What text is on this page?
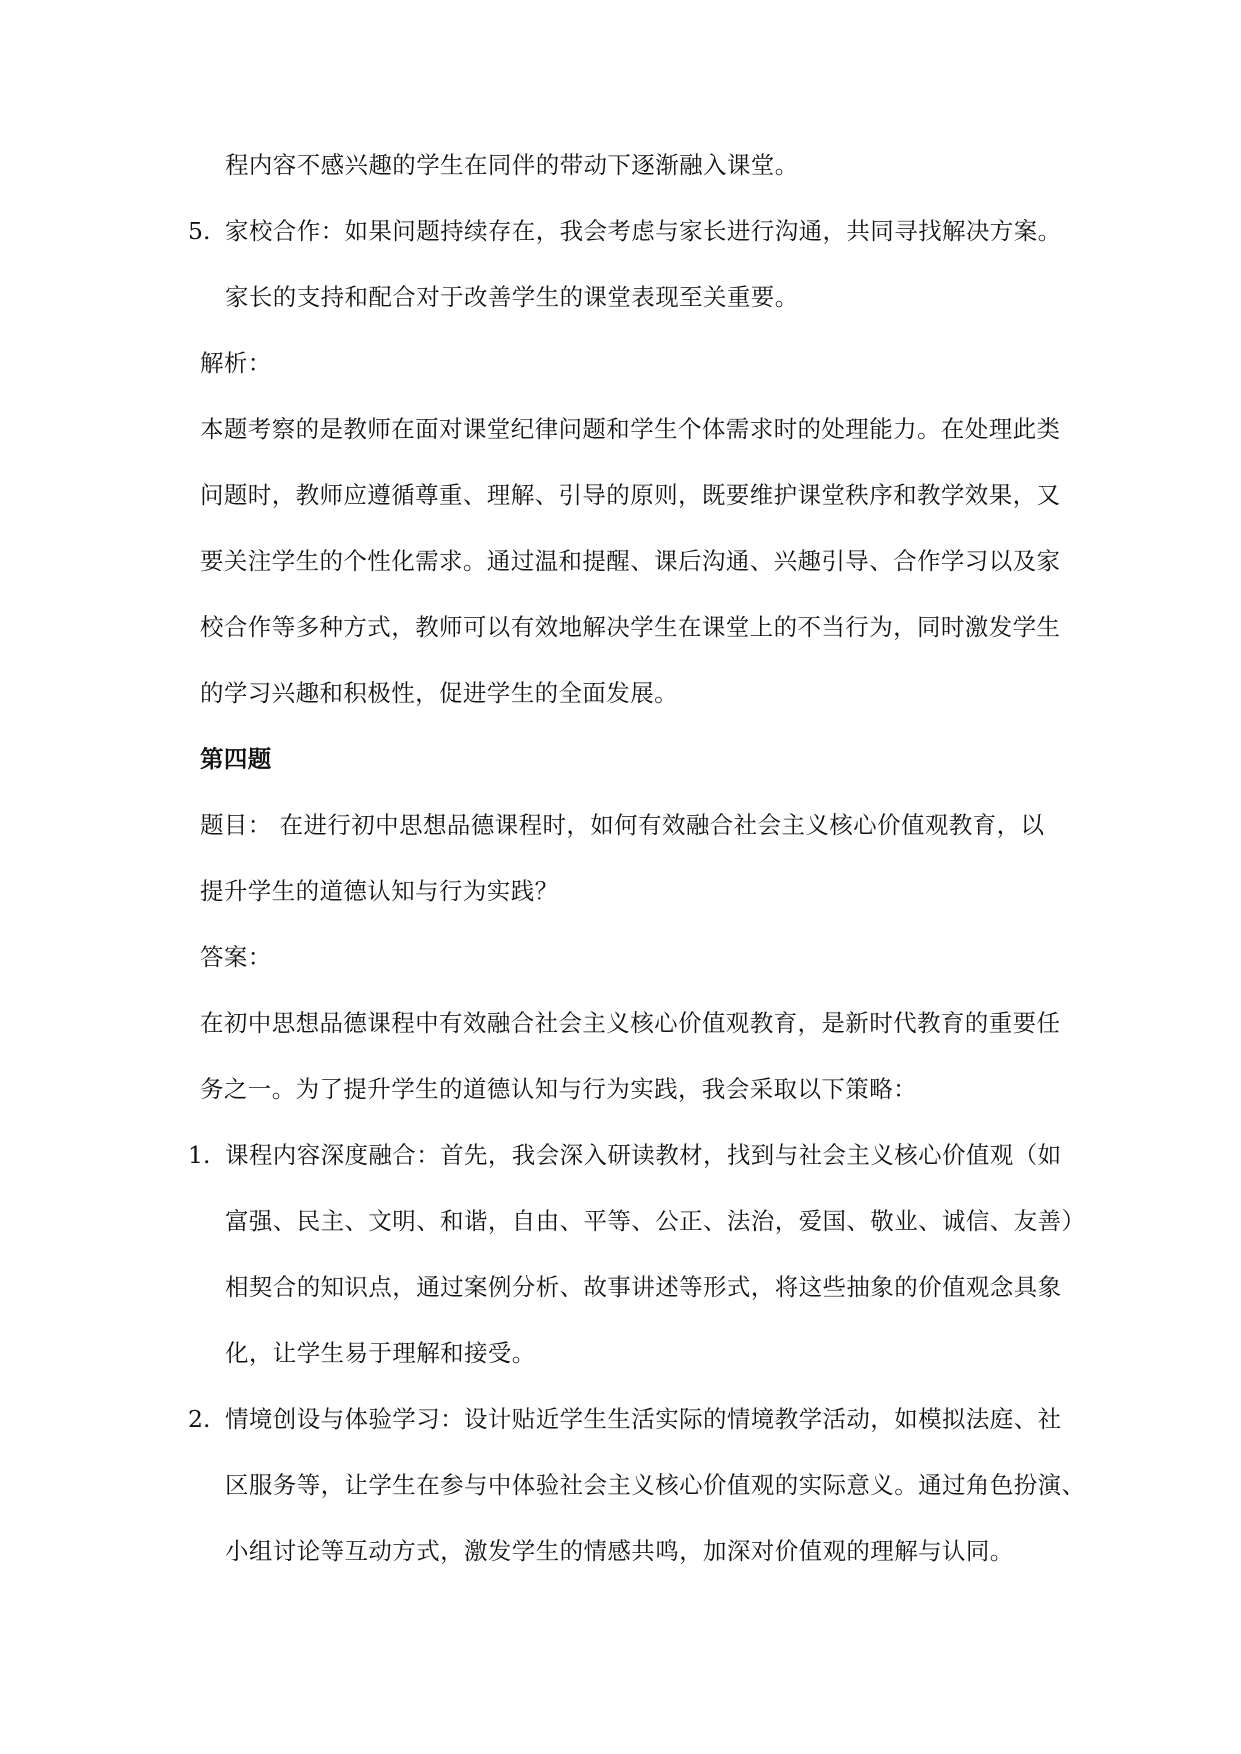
程内容不感兴趣的学生在同伴的带动下逐渐融入课堂。
5. 家校合作：如果问题持续存在，我会考虑与家长进行沟通，共同寻找解决方案。
家长的支持和配合对于改善学生的课堂表现至关重要。
解析：
本题考察的是教师在面对课堂纪律问题和学生个体需求时的处理能力。在处理此类
问题时，教师应遵循尊重、理解、引导的原则，既要维护课堂秩序和教学效果，又
要关注学生的个性化需求。通过温和提醒、课后沟通、兴趣引导、合作学习以及家
校合作等多种方式，教师可以有效地解决学生在课堂上的不当行为，同时激发学生
的学习兴趣和积极性，促进学生的全面发展。
第四题
题目： 在进行初中思想品德课程时，如何有效融合社会主义核心价值观教育，以
提升学生的道德认知与行为实践？
答案：
在初中思想品德课程中有效融合社会主义核心价值观教育，是新时代教育的重要任
务之一。为了提升学生的道德认知与行为实践，我会采取以下策略：
1. 课程内容深度融合：首先，我会深入研读教材，找到与社会主义核心价值观（如
富强、民主、文明、和谐，自由、平等、公正、法治，爱国、敬业、诚信、友善）
相契合的知识点，通过案例分析、故事讲述等形式，将这些抽象的价值观念具象
化，让学生易于理解和接受。
2. 情境创设与体验学习：设计贴近学生生活实际的情境教学活动，如模拟法庭、社
区服务等，让学生在参与中体验社会主义核心价值观的实际意义。通过角色扮演、
小组讨论等互动方式，激发学生的情感共鸣，加深对价值观的理解与认同。
